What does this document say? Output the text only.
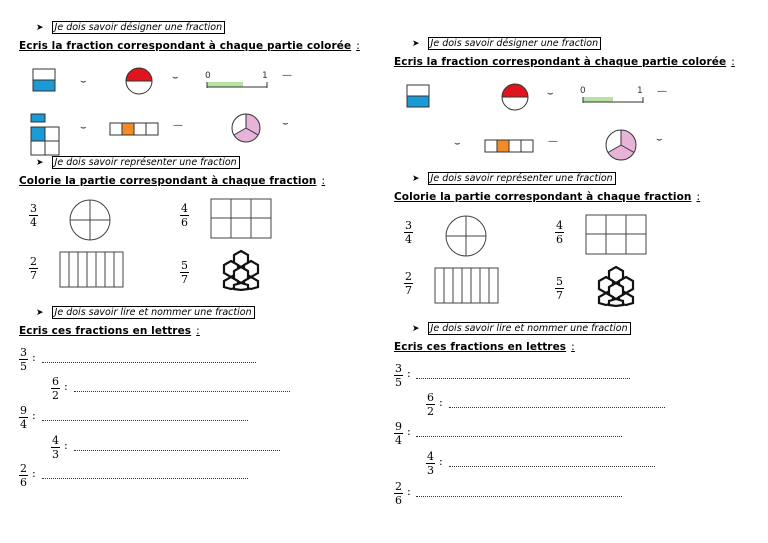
➤ Je dois savoir désigner une fraction
Ecris la fraction correspondant à chaque partie colorée :
⌣	⌣	0	1 —
⌣	—	⌣
➤ Je dois savoir représenter une fraction
Colorie la partie correspondant à chaque fraction :
3
4
4
6
2
7
5
7
➤ Je dois savoir lire et nommer une fraction
Ecris ces fractions en lettres :
3
5
:
6
2
:
9
4
:
4
3
:
2
6
:
➤ Je dois savoir désigner une fraction
Ecris la fraction correspondant à chaque partie colorée :
⌣	0	1 —
⌣	—	⌣
➤ Je dois savoir représenter une fraction
Colorie la partie correspondant à chaque fraction :
3
4
4
6
2
7
5
7
➤ Je dois savoir lire et nommer une fraction
Ecris ces fractions en lettres :
3
5
:
6
2
:
9
4
:
4
3
:
2
6
:
